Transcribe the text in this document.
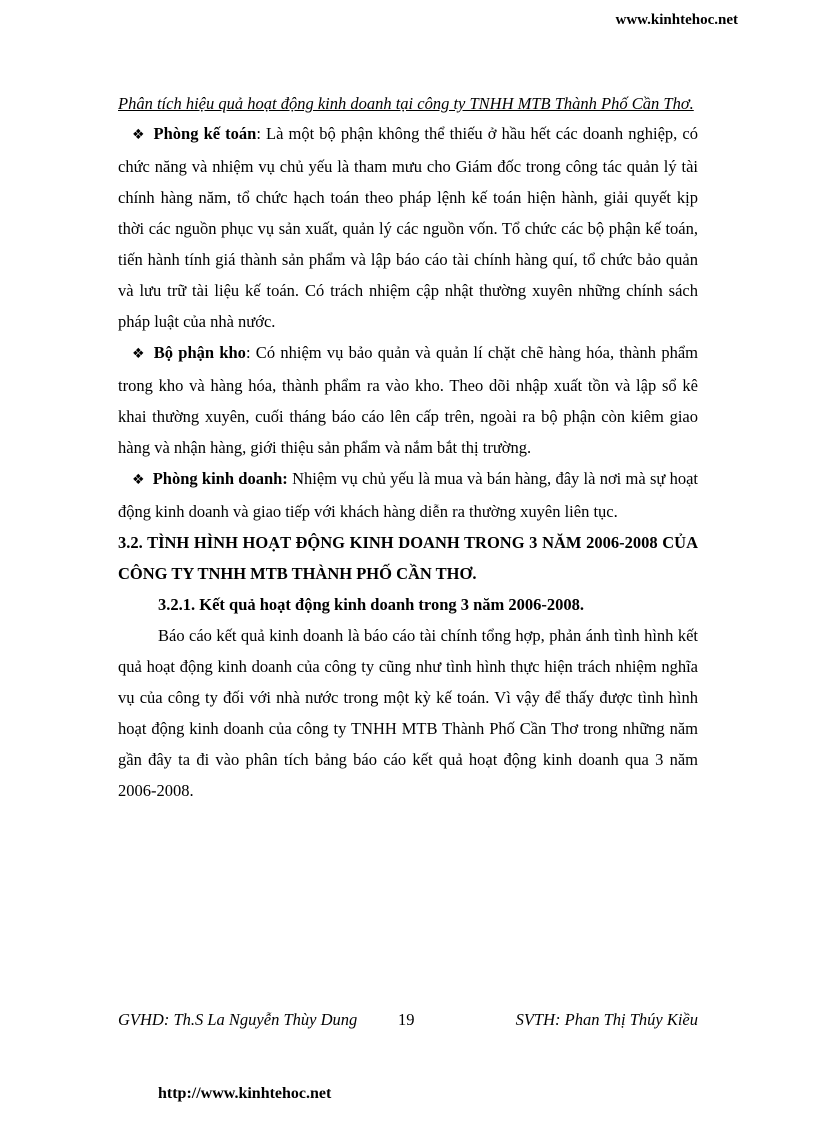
www.kinhtehoc.net

Phân tích hiệu quả hoạt động kinh doanh tại công ty TNHH MTB Thành Phố Cần Thơ.

❖ Phòng kế toán: Là một bộ phận không thể thiếu ở hầu hết các doanh nghiệp, có chức năng và nhiệm vụ chủ yếu là tham mưu cho Giám đốc trong công tác quản lý tài chính hàng năm, tổ chức hạch toán theo pháp lệnh kế toán hiện hành, giải quyết kịp thời các nguồn phục vụ sản xuất, quản lý các nguồn vốn. Tổ chức các bộ phận kế toán, tiến hành tính giá thành sản phẩm và lập báo cáo tài chính hàng quí, tổ chức bảo quản và lưu trữ tài liệu kế toán. Có trách nhiệm cập nhật thường xuyên những chính sách pháp luật của nhà nước.

❖ Bộ phận kho: Có nhiệm vụ bảo quản và quản lí chặt chẽ hàng hóa, thành phẩm trong kho và hàng hóa, thành phẩm ra vào kho. Theo dõi nhập xuất tồn và lập sổ kê khai thường xuyên, cuối tháng báo cáo lên cấp trên, ngoài ra bộ phận còn kiêm giao hàng và nhận hàng, giới thiệu sản phẩm và nắm bắt thị trường.

❖ Phòng kinh doanh: Nhiệm vụ chủ yếu là mua và bán hàng, đây là nơi mà sự hoạt động kinh doanh và giao tiếp với khách hàng diễn ra thường xuyên liên tục.

3.2. TÌNH HÌNH HOẠT ĐỘNG KINH DOANH TRONG 3 NĂM 2006-2008 CỦA CÔNG TY TNHH MTB THÀNH PHỐ CẦN THƠ.

3.2.1. Kết quả hoạt động kinh doanh trong 3 năm 2006-2008.

Báo cáo kết quả kinh doanh là báo cáo tài chính tổng hợp, phản ánh tình hình kết quả hoạt động kinh doanh của công ty cũng như tình hình thực hiện trách nhiệm nghĩa vụ của công ty đối với nhà nước trong một kỳ kế toán. Vì vậy để thấy được tình hình hoạt động kinh doanh của công ty TNHH MTB Thành Phố Cần Thơ trong những năm gần đây ta đi vào phân tích bảng báo cáo kết quả hoạt động kinh doanh qua 3 năm 2006-2008.

GVHD: Th.S La Nguyễn Thùy Dung 19	SVTH: Phan Thị Thúy Kiều
http://www.kinhtehoc.net
